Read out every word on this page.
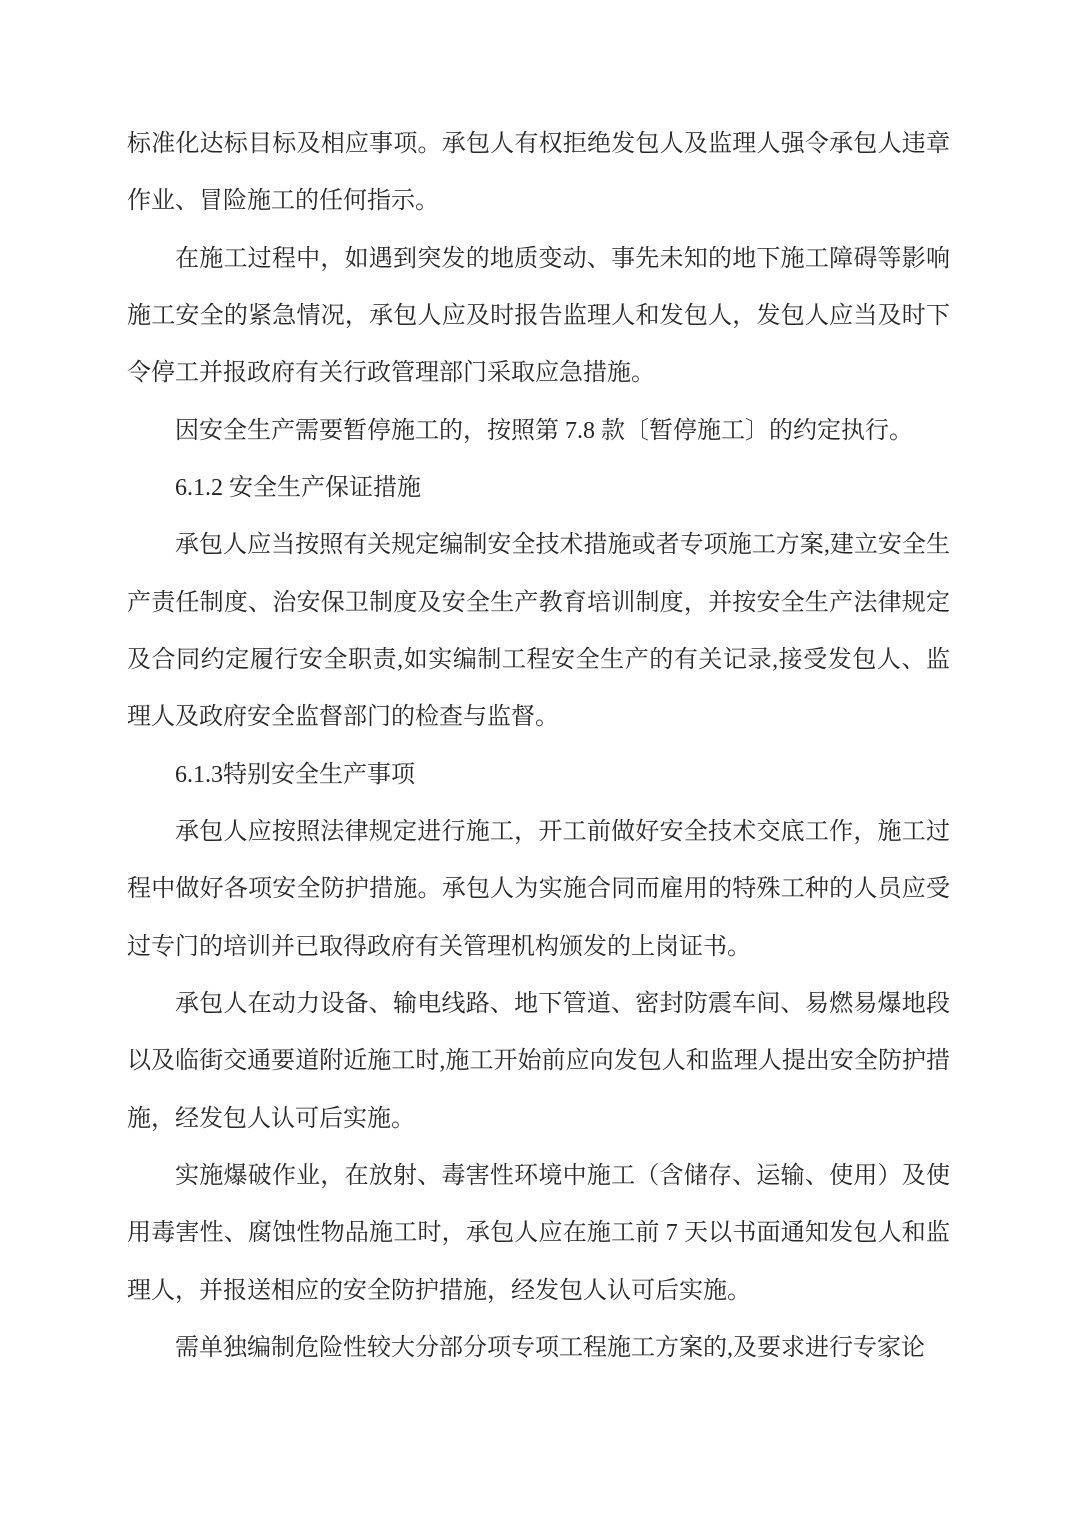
标准化达标目标及相应事项。承包人有权拒绝发包人及监理人强令承包人违章作业、冒险施工的任何指示。

在施工过程中，如遇到突发的地质变动、事先未知的地下施工障碍等影响施工安全的紧急情况，承包人应及时报告监理人和发包人，发包人应当及时下令停工并报政府有关行政管理部门采取应急措施。

因安全生产需要暂停施工的，按照第 7.8 款〔暂停施工〕的约定执行。

6.1.2 安全生产保证措施

承包人应当按照有关规定编制安全技术措施或者专项施工方案,建立安全生产责任制度、治安保卫制度及安全生产教育培训制度，并按安全生产法律规定及合同约定履行安全职责,如实编制工程安全生产的有关记录,接受发包人、监理人及政府安全监督部门的检查与监督。

6.1.3特别安全生产事项

承包人应按照法律规定进行施工，开工前做好安全技术交底工作，施工过程中做好各项安全防护措施。承包人为实施合同而雇用的特殊工种的人员应受过专门的培训并已取得政府有关管理机构颁发的上岗证书。

承包人在动力设备、输电线路、地下管道、密封防震车间、易燃易爆地段以及临街交通要道附近施工时,施工开始前应向发包人和监理人提出安全防护措施，经发包人认可后实施。

实施爆破作业，在放射、毒害性环境中施工（含储存、运输、使用）及使用毒害性、腐蚀性物品施工时，承包人应在施工前 7 天以书面通知发包人和监理人，并报送相应的安全防护措施，经发包人认可后实施。

需单独编制危险性较大分部分项专项工程施工方案的,及要求进行专家论
